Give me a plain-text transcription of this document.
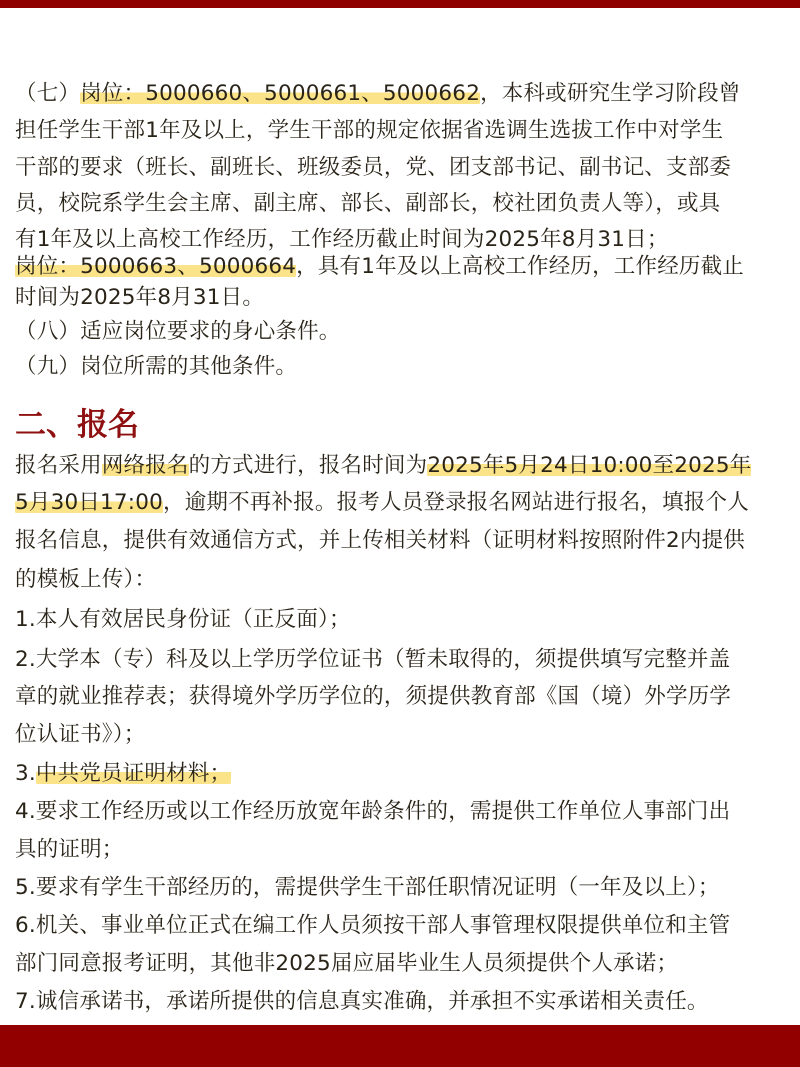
二、报名
（七）岗位：5000660、5000661、5000662，本科或研究生学习阶段曾
担任学生干部1年及以上，学生干部的规定依据省选调生选拔工作中对学生
干部的要求（班长、副班长、班级委员，党、团支部书记、副书记、支部委
员，校院系学生会主席、副主席、部长、副部长，校社团负责人等），或具
有1年及以上高校工作经历，工作经历截止时间为2025年8月31日；
岗位：5000663、5000664，具有1年及以上高校工作经历，工作经历截止
时间为2025年8月31日。
（八）适应岗位要求的身心条件。
（九）岗位所需的其他条件。
报名采用网络报名的方式进行，报名时间为2025年5月24日10:00至2025年
5月30日17:00，逾期不再补报。报考人员登录报名网站进行报名，填报个人
报名信息，提供有效通信方式，并上传相关材料（证明材料按照附件2内提供
的模板上传）：
1.本人有效居民身份证（正反面）；
2.大学本（专）科及以上学历学位证书（暂未取得的，须提供填写完整并盖
章的就业推荐表；获得境外学历学位的，须提供教育部《国（境）外学历学
位认证书》）；
3.中共党员证明材料；
4.要求工作经历或以工作经历放宽年龄条件的，需提供工作单位人事部门出
具的证明；
5.要求有学生干部经历的，需提供学生干部任职情况证明（一年及以上）；
6.机关、事业单位正式在编工作人员须按干部人事管理权限提供单位和主管
部门同意报考证明，其他非2025届应届毕业生人员须提供个人承诺；
7.诚信承诺书，承诺所提供的信息真实准确，并承担不实承诺相关责任。
